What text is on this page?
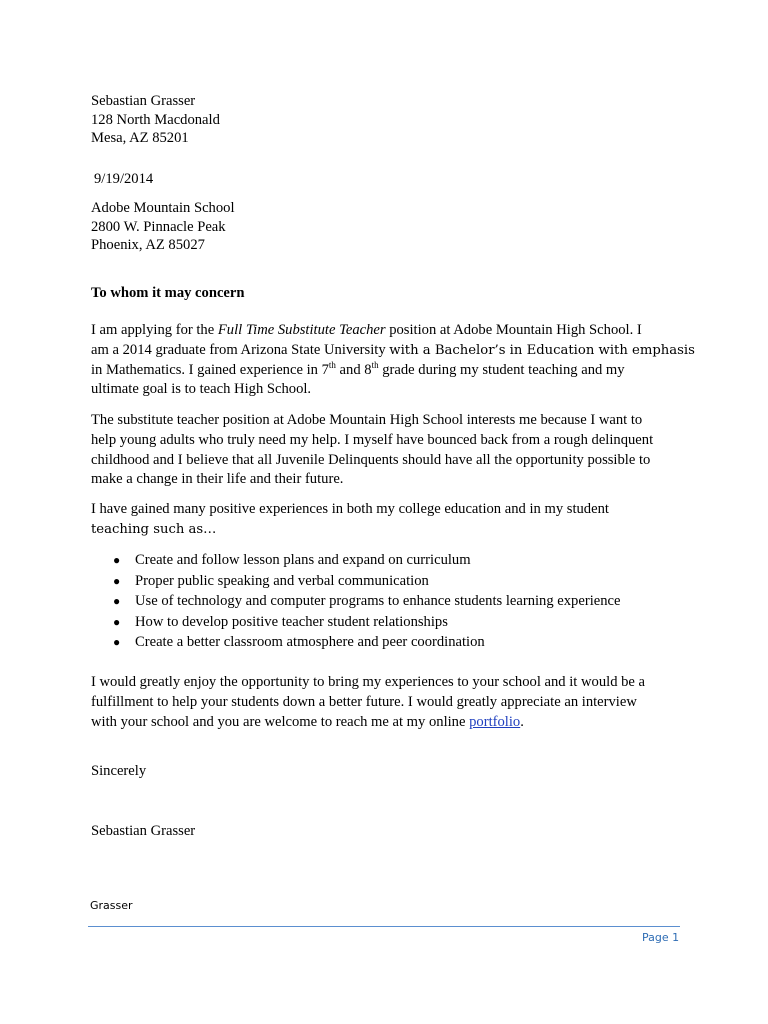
Sebastian Grasser
128 North Macdonald
Mesa, AZ 85201
9/19/2014
Adobe Mountain School
2800 W. Pinnacle Peak
Phoenix, AZ 85027
To whom it may concern
I am applying for the Full Time Substitute Teacher position at Adobe Mountain High School. I
am a 2014 graduate from Arizona State University with a Bachelor’s in Education with emphasis
in Mathematics. I gained experience in 7th and 8th grade during my student teaching and my
ultimate goal is to teach High School.
The substitute teacher position at Adobe Mountain High School interests me because I want to
help young adults who truly need my help. I myself have bounced back from a rough delinquent
childhood and I believe that all Juvenile Delinquents should have all the opportunity possible to
make a change in their life and their future.
I have gained many positive experiences in both my college education and in my student
teaching such as…
● Create and follow lesson plans and expand on curriculum
● Proper public speaking and verbal communication
● Use of technology and computer programs to enhance students learning experience
● How to develop positive teacher student relationships
● Create a better classroom atmosphere and peer coordination
I would greatly enjoy the opportunity to bring my experiences to your school and it would be a
fulfillment to help your students down a better future. I would greatly appreciate an interview
with your school and you are welcome to reach me at my online portfolio.
Sincerely
Sebastian Grasser
Grasser
Page 1
